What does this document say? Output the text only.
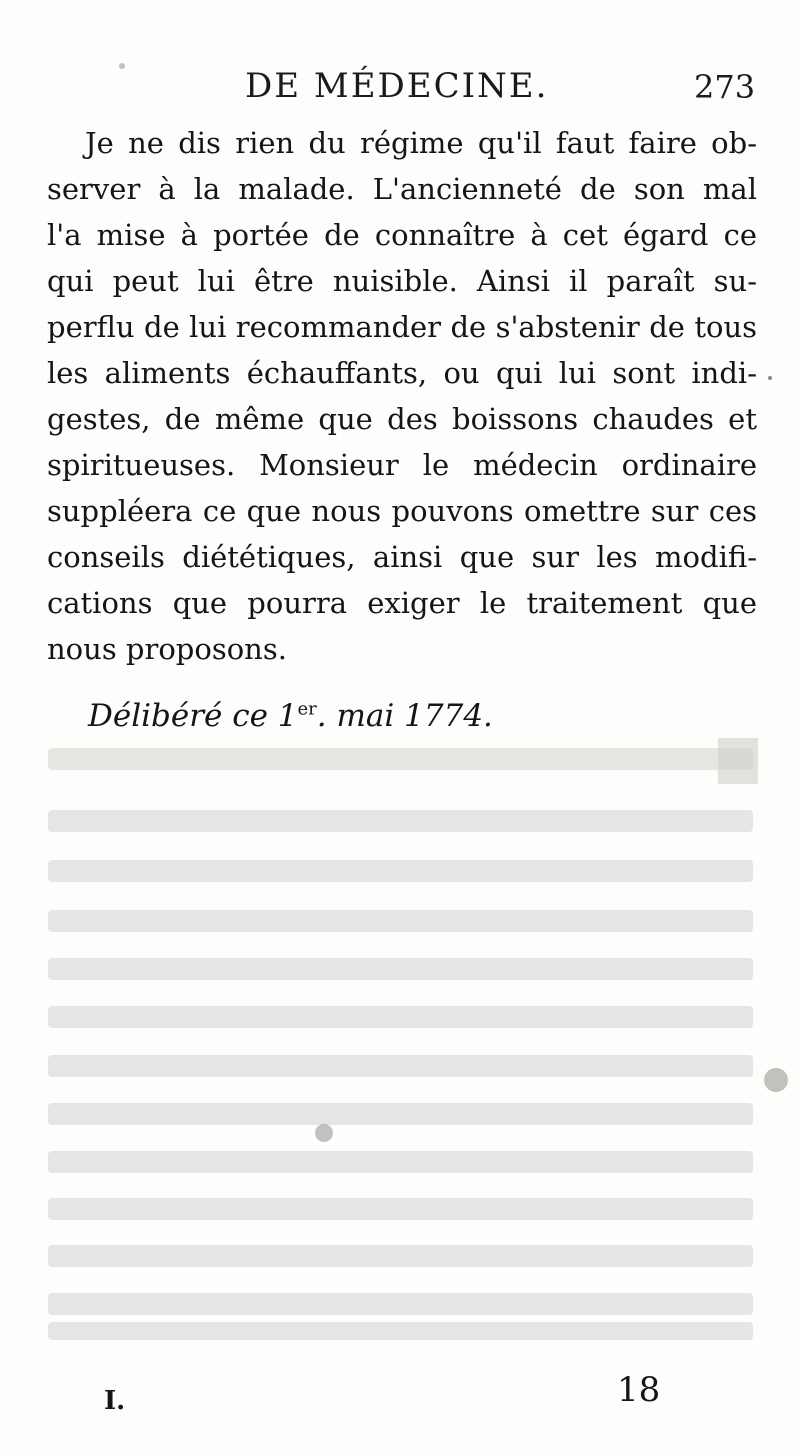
DE MÉDECINE.	273
Je ne dis rien du régime qu'il faut faire ob-
server à la malade. L'ancienneté de son mal
l'a mise à portée de connaître à cet égard ce
qui peut lui être nuisible. Ainsi il paraît su-
perflu de lui recommander de s'abstenir de tous
les aliments échauffants, ou qui lui sont indi-
gestes, de même que des boissons chaudes et
spiritueuses. Monsieur le médecin ordinaire
suppléera ce que nous pouvons omettre sur ces
conseils diététiques, ainsi que sur les modifi-
cations que pourra exiger le traitement que
nous proposons.
Délibéré ce 1er. mai 1774.
I.	18
